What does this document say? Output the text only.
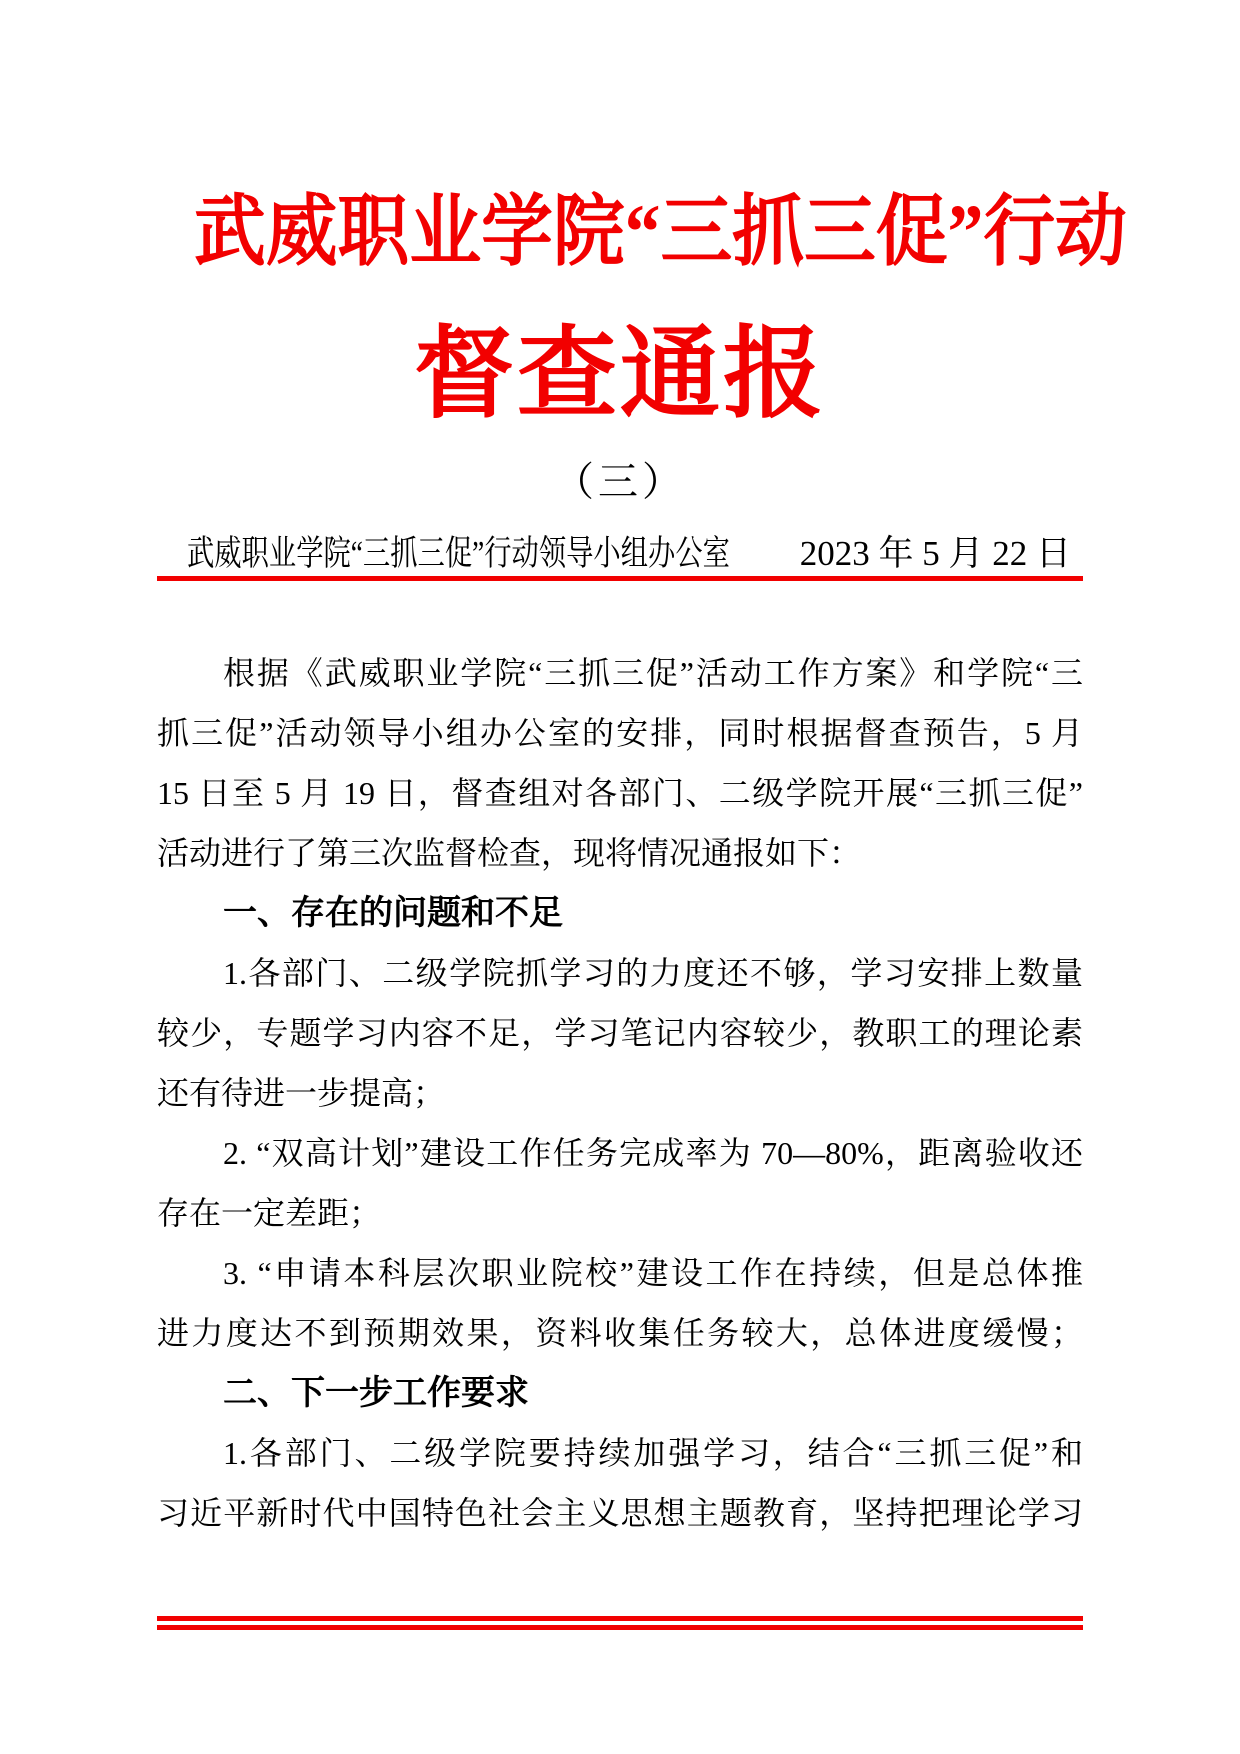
武威职业学院“三抓三促”行动
督查通报
（三）
武威职业学院“三抓三促”行动领导小组办公室 2023 年 5 月 22 日
根据《武威职业学院“三抓三促”活动工作方案》和学院“三
抓三促”活动领导小组办公室的安排，同时根据督查预告，5 月
15 日至 5 月 19 日，督查组对各部门、二级学院开展“三抓三促”
活动进行了第三次监督检查，现将情况通报如下：
一、存在的问题和不足
1.各部门、二级学院抓学习的力度还不够，学习安排上数量
较少，专题学习内容不足，学习笔记内容较少，教职工的理论素
还有待进一步提高；
2. “双高计划”建设工作任务完成率为 70—80%，距离验收还
存在一定差距；
3. “申请本科层次职业院校”建设工作在持续，但是总体推
进力度达不到预期效果，资料收集任务较大，总体进度缓慢；
二、下一步工作要求
1.各部门、二级学院要持续加强学习，结合“三抓三促”和
习近平新时代中国特色社会主义思想主题教育，坚持把理论学习
